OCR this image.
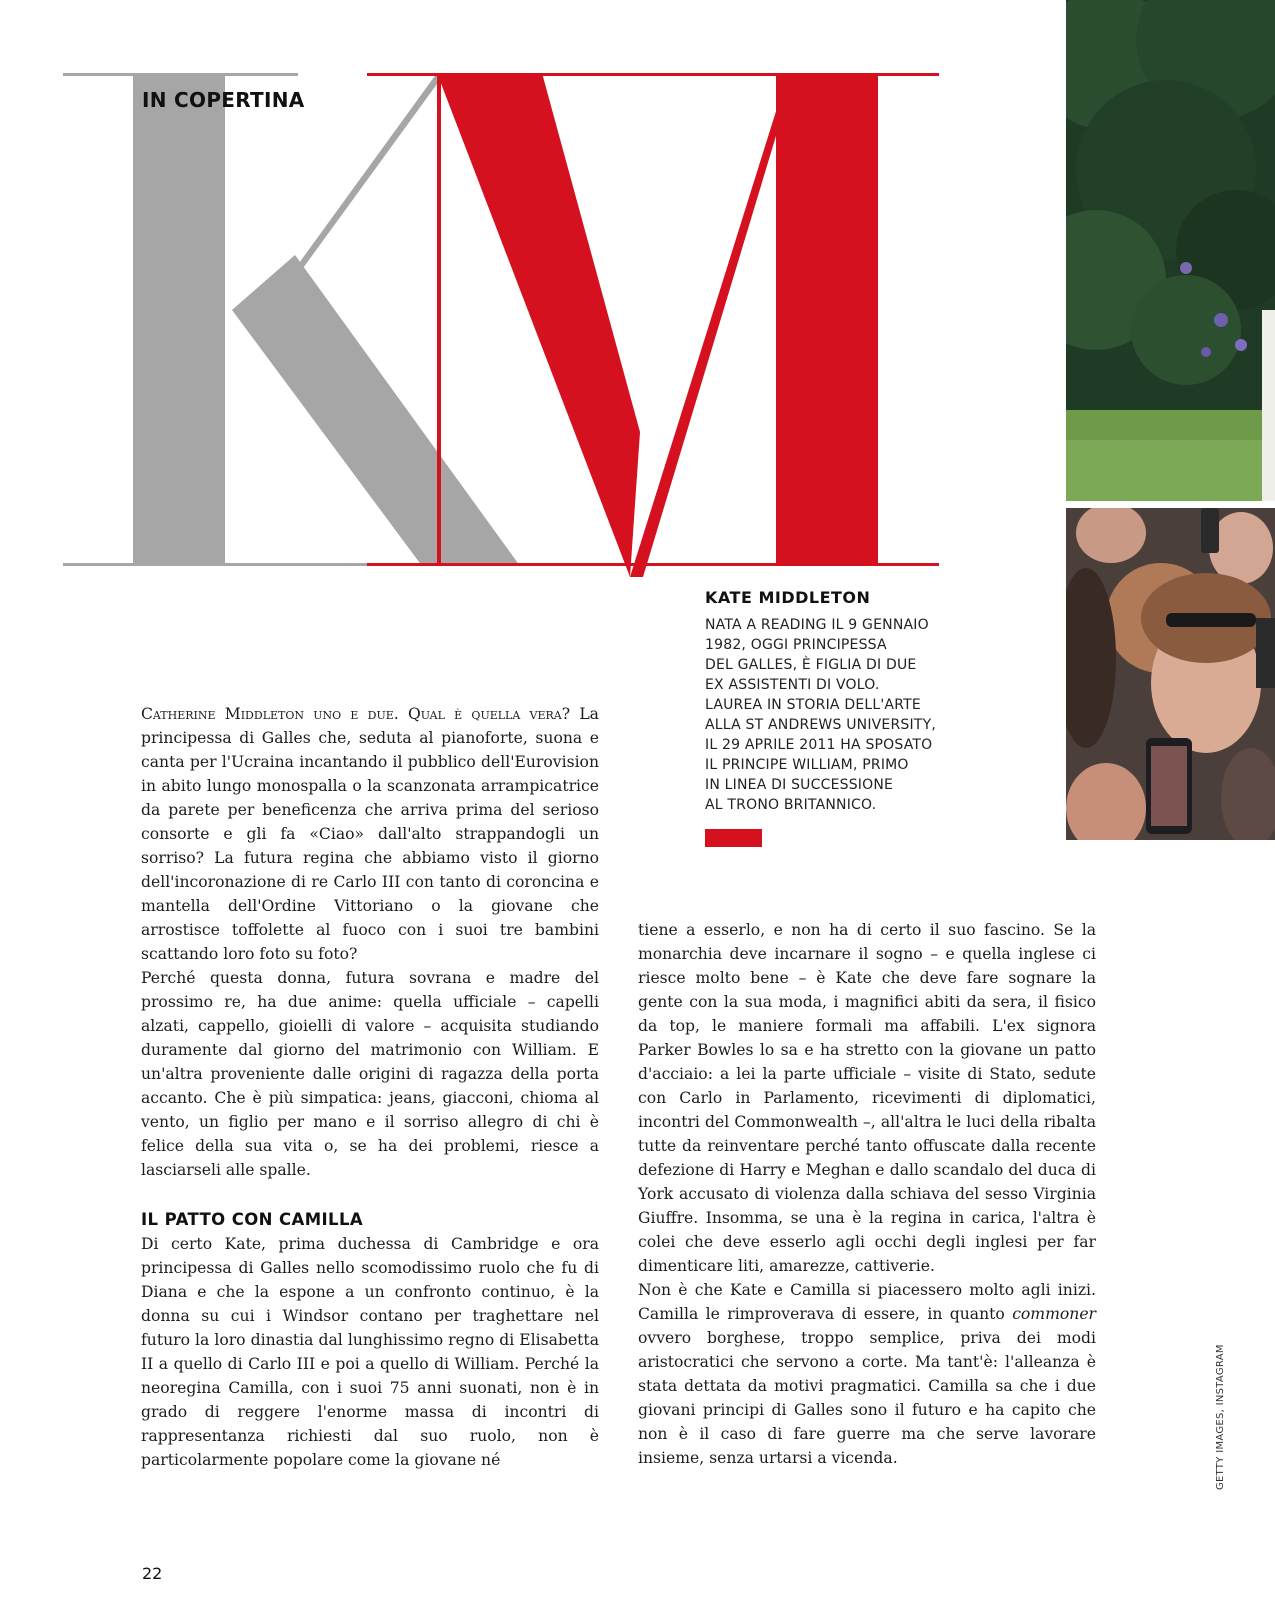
IN COPERTINA

KATE MIDDLETON

NATA A READING IL 9 GENNAIO
1982, OGGI PRINCIPESSA
DEL GALLES, È FIGLIA DI DUE
EX ASSISTENTI DI VOLO.
LAUREA IN STORIA DELL'ARTE
ALLA ST ANDREWS UNIVERSITY,
IL 29 APRILE 2011 HA SPOSATO
IL PRINCIPE WILLIAM, PRIMO
IN LINEA DI SUCCESSIONE
AL TRONO BRITANNICO.

Catherine Middleton uno e due. Qual è quella vera? La principessa di Galles che, seduta al pianoforte, suona e canta per l'Ucraina incantando il pubblico dell'Eurovision in abito lungo monospalla o la scanzonata arrampicatrice da parete per beneficenza che arriva prima del serioso consorte e gli fa «Ciao» dall'alto strappandogli un sorriso? La futura regina che abbiamo visto il giorno dell'incoronazione di re Carlo III con tanto di coroncina e mantella dell'Ordine Vittoriano o la giovane che arrostisce toffolette al fuoco con i suoi tre bambini scattando loro foto su foto?

Perché questa donna, futura sovrana e madre del prossimo re, ha due anime: quella ufficiale – capelli alzati, cappello, gioielli di valore – acquisita studiando duramente dal giorno del matrimonio con William. E un'altra proveniente dalle origini di ragazza della porta accanto. Che è più simpatica: jeans, giacconi, chioma al vento, un figlio per mano e il sorriso allegro di chi è felice della sua vita o, se ha dei problemi, riesce a lasciarseli alle spalle.

IL PATTO CON CAMILLA

Di certo Kate, prima duchessa di Cambridge e ora principessa di Galles nello scomodissimo ruolo che fu di Diana e che la espone a un confronto continuo, è la donna su cui i Windsor contano per traghettare nel futuro la loro dinastia dal lunghissimo regno di Elisabetta II a quello di Carlo III e poi a quello di William. Perché la neoregina Camilla, con i suoi 75 anni suonati, non è in grado di reggere l'enorme massa di incontri di rappresentanza richiesti dal suo ruolo, non è particolarmente popolare come la giovane né

tiene a esserlo, e non ha di certo il suo fascino. Se la monarchia deve incarnare il sogno – e quella inglese ci riesce molto bene – è Kate che deve fare sognare la gente con la sua moda, i magnifici abiti da sera, il fisico da top, le maniere formali ma affabili. L'ex signora Parker Bowles lo sa e ha stretto con la giovane un patto d'acciaio: a lei la parte ufficiale – visite di Stato, sedute con Carlo in Parlamento, ricevimenti di diplomatici, incontri del Commonwealth –, all'altra le luci della ribalta tutte da reinventare perché tanto offuscate dalla recente defezione di Harry e Meghan e dallo scandalo del duca di York accusato di violenza dalla schiava del sesso Virginia Giuffre. Insomma, se una è la regina in carica, l'altra è colei che deve esserlo agli occhi degli inglesi per far dimenticare liti, amarezze, cattiverie.

Non è che Kate e Camilla si piacessero molto agli inizi. Camilla le rimproverava di essere, in quanto commoner ovvero borghese, troppo semplice, priva dei modi aristocratici che servono a corte. Ma tant'è: l'alleanza è stata dettata da motivi pragmatici. Camilla sa che i due giovani principi di Galles sono il futuro e ha capito che non è il caso di fare guerre ma che serve lavorare insieme, senza urtarsi a vicenda.	GETTY IMAGES, INSTAGRAM

22
